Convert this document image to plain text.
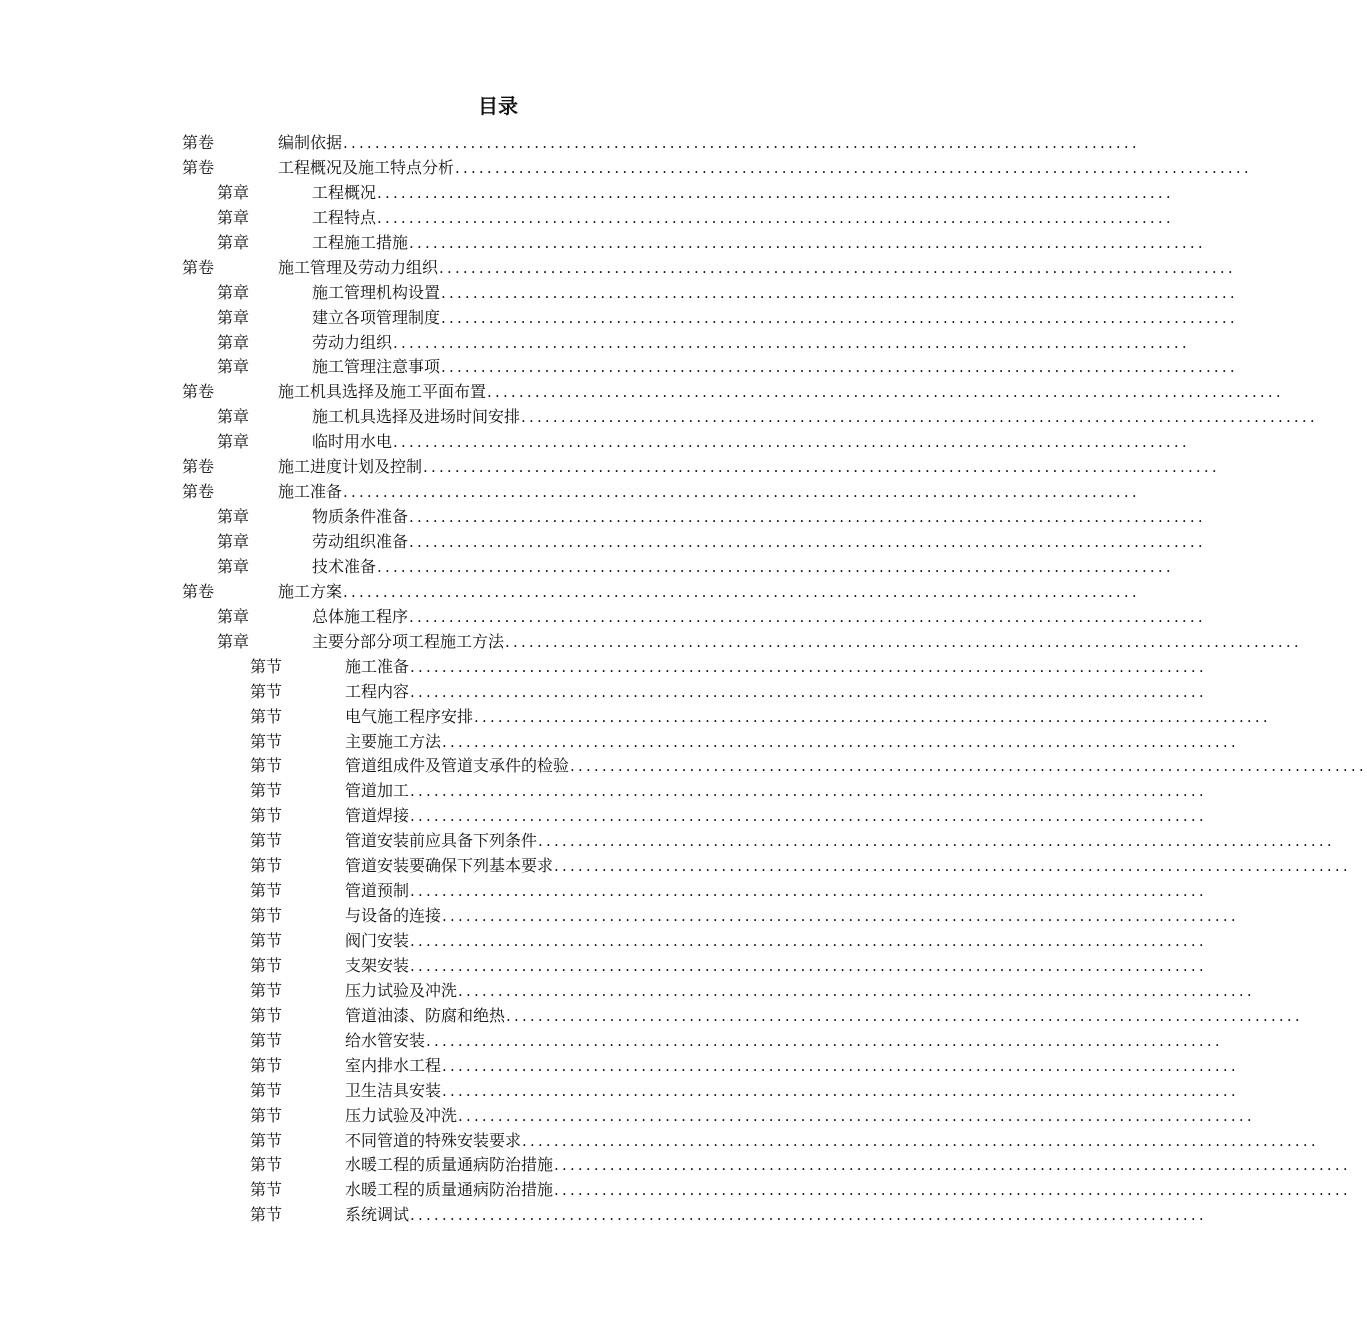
目录
第卷	编制依据 ....................................................................................................
第卷	工程概况及施工特点分析 ....................................................................................................
第章	工程概况 ....................................................................................................
第章	工程特点 ....................................................................................................
第章	工程施工措施 ....................................................................................................
第卷	施工管理及劳动力组织 ....................................................................................................
第章	施工管理机构设置 ....................................................................................................
第章	建立各项管理制度 ....................................................................................................
第章	劳动力组织 ....................................................................................................
第章	施工管理注意事项 ....................................................................................................
第卷	施工机具选择及施工平面布置 ....................................................................................................
第章	施工机具选择及进场时间安排 ....................................................................................................
第章	临时用水电 ....................................................................................................
第卷	施工进度计划及控制 ....................................................................................................
第卷	施工准备 ....................................................................................................
第章	物质条件准备 ....................................................................................................
第章	劳动组织准备 ....................................................................................................
第章	技术准备 ....................................................................................................
第卷	施工方案 ....................................................................................................
第章	总体施工程序 ....................................................................................................
第章	主要分部分项工程施工方法 ....................................................................................................
第节	施工准备 ....................................................................................................
第节	工程内容 ....................................................................................................
第节	电气施工程序安排 ....................................................................................................
第节	主要施工方法 ....................................................................................................
第节	管道组成件及管道支承件的检验 ....................................................................................................
第节	管道加工 ....................................................................................................
第节	管道焊接 ....................................................................................................
第节	管道安装前应具备下列条件 ....................................................................................................
第节	管道安装要确保下列基本要求 ....................................................................................................
第节	管道预制 ....................................................................................................
第节	与设备的连接 ....................................................................................................
第节	阀门安装 ....................................................................................................
第节	支架安装 ....................................................................................................
第节	压力试验及冲洗 ....................................................................................................
第节	管道油漆、防腐和绝热 ....................................................................................................
第节	给水管安装 ....................................................................................................
第节	室内排水工程 ....................................................................................................
第节	卫生洁具安装 ....................................................................................................
第节	压力试验及冲洗 ....................................................................................................
第节	不同管道的特殊安装要求 ....................................................................................................
第节	水暖工程的质量通病防治措施 ....................................................................................................
第节	水暖工程的质量通病防治措施 ....................................................................................................
第节	系统调试 ....................................................................................................
